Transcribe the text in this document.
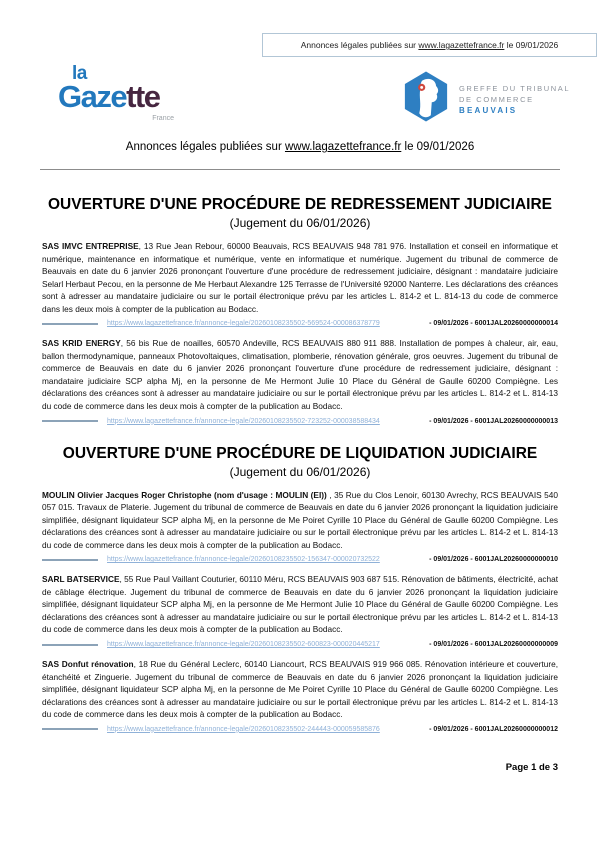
Annonces légales publiées sur www.lagazettefrance.fr le 09/01/2026
la
Gazette
France
GREFFE DU TRIBUNAL
DE COMMERCE
BEAUVAIS
Annonces légales publiées sur www.lagazettefrance.fr le 09/01/2026
OUVERTURE D'UNE PROCÉDURE DE REDRESSEMENT JUDICIAIRE
(Jugement du 06/01/2026)

SAS IMVC ENTREPRISE, 13 Rue Jean Rebour, 60000 Beauvais, RCS BEAUVAIS 948 781 976. Installation et conseil en informatique et numérique, maintenance en informatique et numérique, vente en informatique et numérique. Jugement du tribunal de commerce de Beauvais en date du 6 janvier 2026 prononçant l'ouverture d'une procédure de redressement judiciaire, désignant : mandataire judiciaire Selarl Herbaut Pecou, en la personne de Me Herbaut Alexandre 125 Terrasse de l'Université 92000 Nanterre. Les déclarations des créances sont à adresser au mandataire judiciaire ou sur le portail électronique prévu par les articles L. 814-2 et L. 814-13 du code de commerce dans les deux mois à compter de la publication au Bodacc.

https://www.lagazettefrance.fr/annonce-legale/20260108235502-569524-000086378779	- 09/01/2026 - 6001JAL20260000000014

SAS KRID ENERGY, 56 bis Rue de noailles, 60570 Andeville, RCS BEAUVAIS 880 911 888. Installation de pompes à chaleur, air, eau, ballon thermodynamique, panneaux Photovoltaiques, climatisation, plomberie, rénovation générale, gros oeuvres. Jugement du tribunal de commerce de Beauvais en date du 6 janvier 2026 prononçant l'ouverture d'une procédure de redressement judiciaire, désignant : mandataire judiciaire SCP alpha Mj, en la personne de Me Hermont Julie 10 Place du Général de Gaulle 60200 Compiègne. Les déclarations des créances sont à adresser au mandataire judiciaire ou sur le portail électronique prévu par les articles L. 814-2 et L. 814-13 du code de commerce dans les deux mois à compter de la publication au Bodacc.

https://www.lagazettefrance.fr/annonce-legale/20260108235502-723252-000038588434	- 09/01/2026 - 6001JAL20260000000013
OUVERTURE D'UNE PROCÉDURE DE LIQUIDATION JUDICIAIRE
(Jugement du 06/01/2026)

MOULIN Olivier Jacques Roger Christophe (nom d'usage : MOULIN (EI)) , 35 Rue du Clos Lenoir, 60130 Avrechy, RCS BEAUVAIS 540 057 015. Travaux de Platerie. Jugement du tribunal de commerce de Beauvais en date du 6 janvier 2026 prononçant la liquidation judiciaire simplifiée, désignant liquidateur SCP alpha Mj, en la personne de Me Poiret Cyrille 10 Place du Général de Gaulle 60200 Compiègne. Les déclarations des créances sont à adresser au mandataire judiciaire ou sur le portail électronique prévu par les articles L. 814-2 et L. 814-13 du code de commerce dans les deux mois à compter de la publication au Bodacc.

https://www.lagazettefrance.fr/annonce-legale/20260108235502-156347-000020732522	- 09/01/2026 - 6001JAL20260000000010

SARL BATSERVICE, 55 Rue Paul Vaillant Couturier, 60110 Méru, RCS BEAUVAIS 903 687 515. Rénovation de bâtiments, électricité, achat de câblage électrique. Jugement du tribunal de commerce de Beauvais en date du 6 janvier 2026 prononçant la liquidation judiciaire simplifiée, désignant liquidateur SCP alpha Mj, en la personne de Me Hermont Julie 10 Place du Général de Gaulle 60200 Compiègne. Les déclarations des créances sont à adresser au mandataire judiciaire ou sur le portail électronique prévu par les articles L. 814-2 et L. 814-13 du code de commerce dans les deux mois à compter de la publication au Bodacc.

https://www.lagazettefrance.fr/annonce-legale/20260108235502-600823-000020445217	- 09/01/2026 - 6001JAL20260000000009

SAS Donfut rénovation, 18 Rue du Général Leclerc, 60140 Liancourt, RCS BEAUVAIS 919 966 085. Rénovation intérieure et couverture, étanchéité et Zinguerie. Jugement du tribunal de commerce de Beauvais en date du 6 janvier 2026 prononçant la liquidation judiciaire simplifiée, désignant liquidateur SCP alpha Mj, en la personne de Me Poiret Cyrille 10 Place du Général de Gaulle 60200 Compiègne. Les déclarations des créances sont à adresser au mandataire judiciaire ou sur le portail électronique prévu par les articles L. 814-2 et L. 814-13 du code de commerce dans les deux mois à compter de la publication au Bodacc.

https://www.lagazettefrance.fr/annonce-legale/20260108235502-244443-000059585876	- 09/01/2026 - 6001JAL20260000000012
Page 1 de 3
